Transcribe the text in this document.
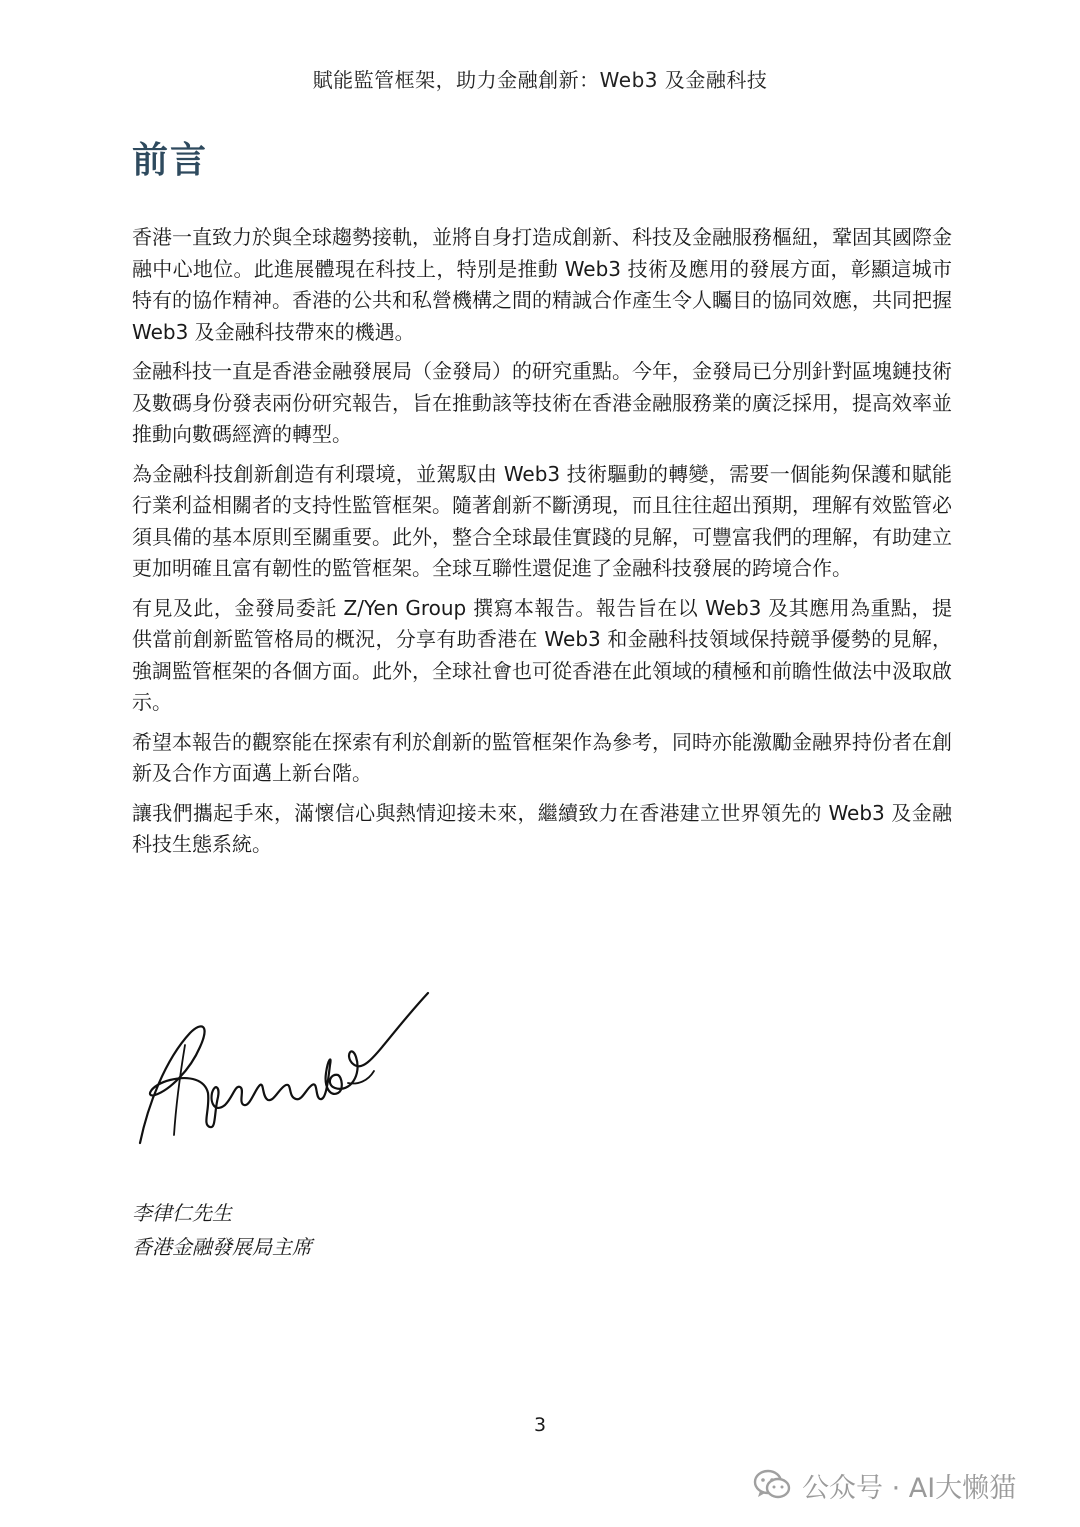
賦能監管框架，助力金融創新：Web3 及金融科技
前言

香港一直致力於與全球趨勢接軌，並將自身打造成創新、科技及金融服務樞紐，鞏固其國際金融中心地位。此進展體現在科技上，特別是推動 Web3 技術及應用的發展方面，彰顯這城市特有的協作精神。香港的公共和私營機構之間的精誠合作產生令人矚目的協同效應，共同把握 Web3 及金融科技帶來的機遇。

金融科技一直是香港金融發展局（金發局）的研究重點。今年，金發局已分別針對區塊鏈技術及數碼身份發表兩份研究報告，旨在推動該等技術在香港金融服務業的廣泛採用，提高效率並推動向數碼經濟的轉型。

為金融科技創新創造有利環境，並駕馭由 Web3 技術驅動的轉變，需要一個能夠保護和賦能行業利益相關者的支持性監管框架。隨著創新不斷湧現，而且往往超出預期，理解有效監管必須具備的基本原則至關重要。此外，整合全球最佳實踐的見解，可豐富我們的理解，有助建立更加明確且富有韌性的監管框架。全球互聯性還促進了金融科技發展的跨境合作。

有見及此，金發局委託 Z/Yen Group 撰寫本報告。報告旨在以 Web3 及其應用為重點，提供當前創新監管格局的概況，分享有助香港在 Web3 和金融科技領域保持競爭優勢的見解，強調監管框架的各個方面。此外，全球社會也可從香港在此領域的積極和前瞻性做法中汲取啟示。

希望本報告的觀察能在探索有利於創新的監管框架作為參考，同時亦能激勵金融界持份者在創新及合作方面邁上新台階。

讓我們攜起手來，滿懷信心與熱情迎接未來，繼續致力在香港建立世界領先的 Web3 及金融科技生態系統。

李律仁先生
香港金融發展局主席
3
公众号 · AI大懒猫
